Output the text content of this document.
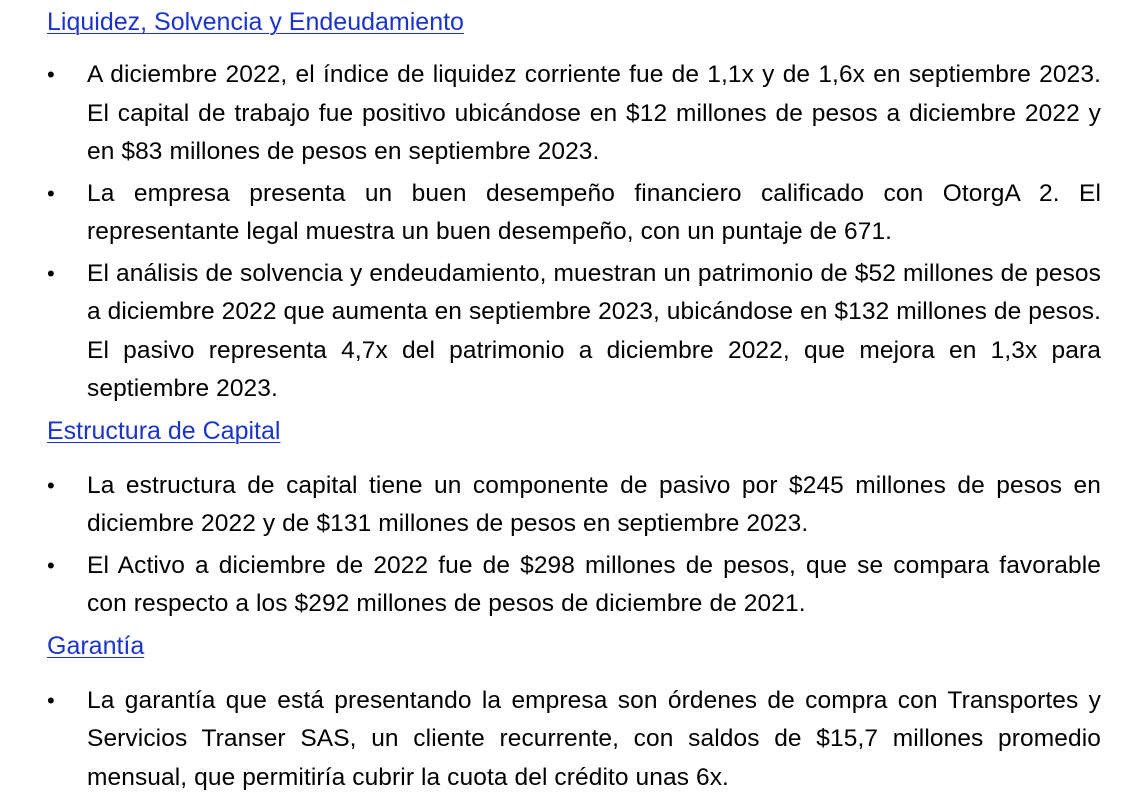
Liquidez, Solvencia y Endeudamiento
•	A diciembre 2022, el índice de liquidez corriente fue de 1,1x y de 1,6x en septiembre 2023. El capital de trabajo fue positivo ubicándose en $12 millones de pesos a diciembre 2022 y en $83 millones de pesos en septiembre 2023.
•	La empresa presenta un buen desempeño financiero calificado con OtorgA 2. El representante legal muestra un buen desempeño, con un puntaje de 671.
•	El análisis de solvencia y endeudamiento, muestran un patrimonio de $52 millones de pesos a diciembre 2022 que aumenta en septiembre 2023, ubicándose en $132 millones de pesos. El pasivo representa 4,7x del patrimonio a diciembre 2022, que mejora en 1,3x para septiembre 2023.
Estructura de Capital
•	La estructura de capital tiene un componente de pasivo por $245 millones de pesos en diciembre 2022 y de $131 millones de pesos en septiembre 2023.
•	El Activo a diciembre de 2022 fue de $298 millones de pesos, que se compara favorable con respecto a los $292 millones de pesos de diciembre de 2021.
Garantía
•	La garantía que está presentando la empresa son órdenes de compra con Transportes y Servicios Transer SAS, un cliente recurrente, con saldos de $15,7 millones promedio mensual, que permitiría cubrir la cuota del crédito unas 6x.
